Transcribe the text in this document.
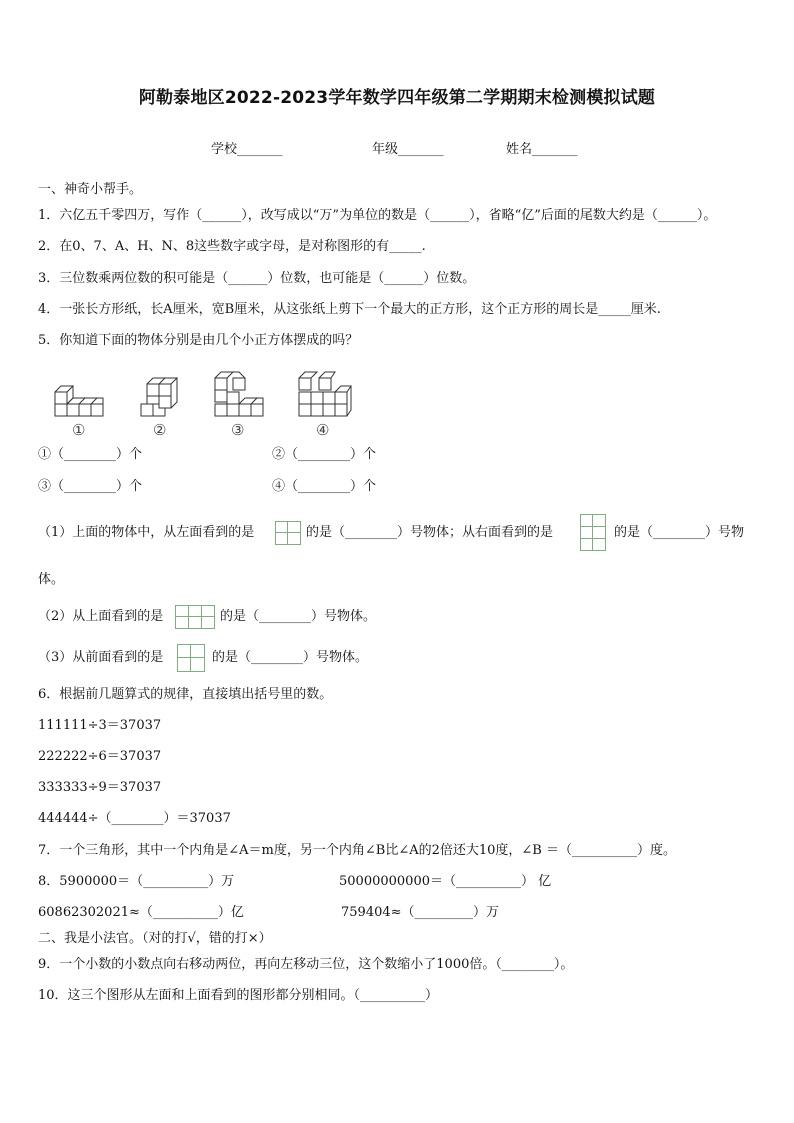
阿勒泰地区2022-2023学年数学四年级第二学期期末检测模拟试题
学校_______	年级_______	姓名_______
一、神奇小帮手。
1．六亿五千零四万，写作（______），改写成以“万”为单位的数是（______），省略“亿”后面的尾数大约是（______）。
2．在0、7、A、H、N、8这些数字或字母，是对称图形的有_____.
3．三位数乘两位数的积可能是（______）位数，也可能是（______）位数。
4．一张长方形纸，长A厘米，宽B厘米，从这张纸上剪下一个最大的正方形，这个正方形的周长是_____厘米.
5．你知道下面的物体分别是由几个小正方体摆成的吗？
①	②	③	④
①（________）个	②（________）个
③（________）个	④（________）个
（1）上面的物体中，从左面看到的是	的是（________）号物体；从右面看到的是	的是（________）号物
体。
（2）从上面看到的是	的是（________）号物体。
（3）从前面看到的是	的是（________）号物体。
6．根据前几题算式的规律，直接填出括号里的数。
111111÷3＝37037
222222÷6＝37037
333333÷9＝37037
444444÷（________）＝37037
7．一个三角形，其中一个内角是∠A＝m度，另一个内角∠B比∠A的2倍还大10度，∠B ＝（__________）度。
8．5900000＝（__________）万	50000000000＝（__________） 亿
60862302021≈（__________）亿	759404≈（_________）万
二、我是小法官。（对的打√，错的打×）
9．一个小数的小数点向右移动两位，再向左移动三位，这个数缩小了1000倍。（________）。
10．这三个图形从左面和上面看到的图形都分别相同。（__________）
